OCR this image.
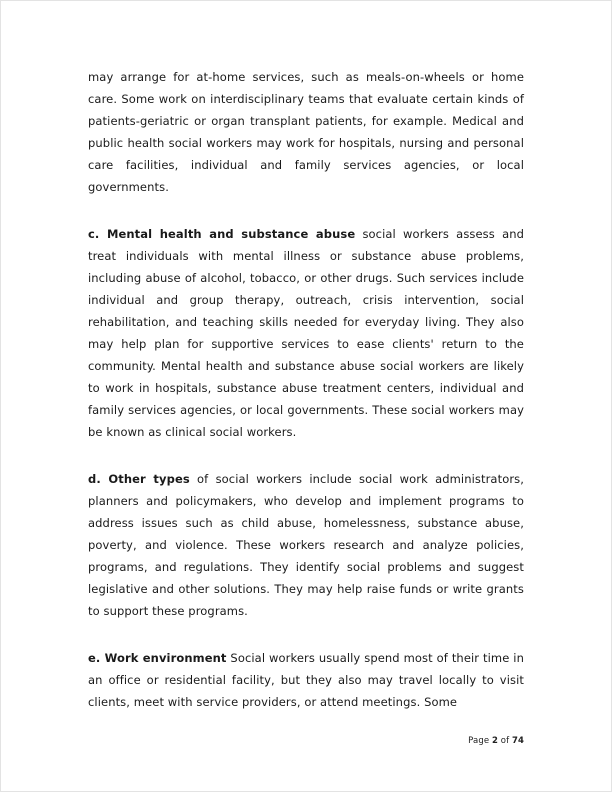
may arrange for at-home services, such as meals-on-wheels or home care. Some work on interdisciplinary teams that evaluate certain kinds of patients-geriatric or organ transplant patients, for example. Medical and public health social workers may work for hospitals, nursing and personal care facilities, individual and family services agencies, or local governments.

c. Mental health and substance abuse social workers assess and treat individuals with mental illness or substance abuse problems, including abuse of alcohol, tobacco, or other drugs. Such services include individual and group therapy, outreach, crisis intervention, social rehabilitation, and teaching skills needed for everyday living. They also may help plan for supportive services to ease clients' return to the community. Mental health and substance abuse social workers are likely to work in hospitals, substance abuse treatment centers, individual and family services agencies, or local governments. These social workers may be known as clinical social workers.

d. Other types of social workers include social work administrators, planners and policymakers, who develop and implement programs to address issues such as child abuse, homelessness, substance abuse, poverty, and violence. These workers research and analyze policies, programs, and regulations. They identify social problems and suggest legislative and other solutions. They may help raise funds or write grants to support these programs.

e. Work environment Social workers usually spend most of their time in an office or residential facility, but they also may travel locally to visit clients, meet with service providers, or attend meetings. Some

Page 2 of 74
